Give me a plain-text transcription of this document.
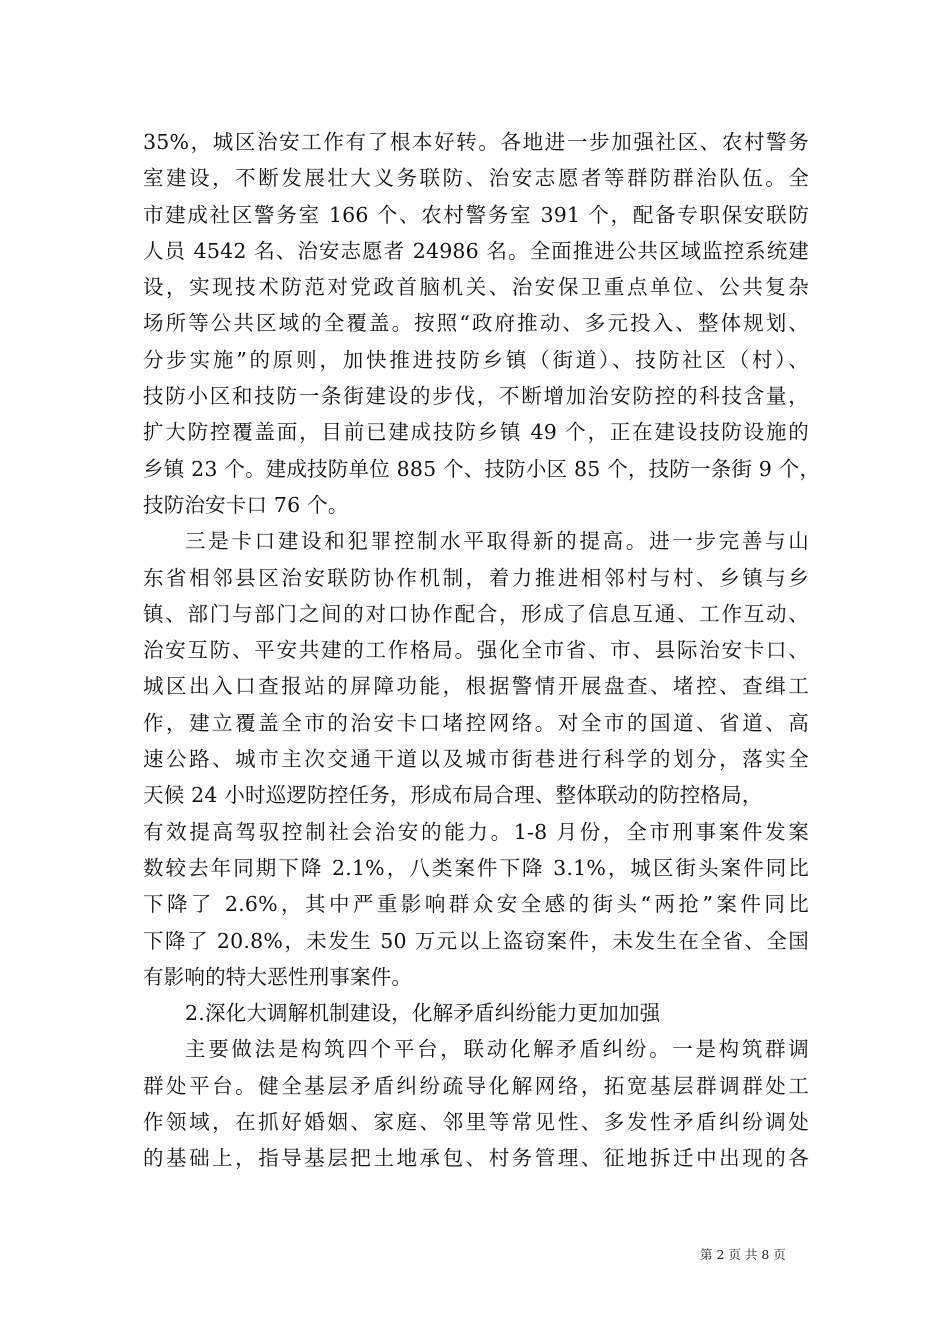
35%，城区治安工作有了根本好转。各地进一步加强社区、农村警务
室建设，不断发展壮大义务联防、治安志愿者等群防群治队伍。全
市建成社区警务室 166 个、农村警务室 391 个，配备专职保安联防
人员 4542 名、治安志愿者 24986 名。全面推进公共区域监控系统建
设，实现技术防范对党政首脑机关、治安保卫重点单位、公共复杂
场所等公共区域的全覆盖。按照“政府推动、多元投入、整体规划、
分步实施”的原则，加快推进技防乡镇（街道）、技防社区（村）、
技防小区和技防一条街建设的步伐，不断增加治安防控的科技含量，
扩大防控覆盖面，目前已建成技防乡镇 49 个，正在建设技防设施的
乡镇 23 个。建成技防单位 885 个、技防小区 85 个，技防一条街 9 个，
技防治安卡口 76 个。
三是卡口建设和犯罪控制水平取得新的提高。进一步完善与山
东省相邻县区治安联防协作机制，着力推进相邻村与村、乡镇与乡
镇、部门与部门之间的对口协作配合，形成了信息互通、工作互动、
治安互防、平安共建的工作格局。强化全市省、市、县际治安卡口、
城区出入口查报站的屏障功能，根据警情开展盘查、堵控、查缉工
作，建立覆盖全市的治安卡口堵控网络。对全市的国道、省道、高
速公路、城市主次交通干道以及城市街巷进行科学的划分，落实全
天候 24 小时巡逻防控任务，形成布局合理、整体联动的防控格局，
有效提高驾驭控制社会治安的能力。1-8 月份，全市刑事案件发案
数较去年同期下降 2.1%，八类案件下降 3.1%，城区街头案件同比
下降了 2.6%，其中严重影响群众安全感的街头“两抢”案件同比
下降了 20.8%，未发生 50 万元以上盗窃案件，未发生在全省、全国
有影响的特大恶性刑事案件。
2.深化大调解机制建设，化解矛盾纠纷能力更加加强
主要做法是构筑四个平台，联动化解矛盾纠纷。一是构筑群调
群处平台。健全基层矛盾纠纷疏导化解网络，拓宽基层群调群处工
作领域，在抓好婚姻、家庭、邻里等常见性、多发性矛盾纠纷调处
的基础上，指导基层把土地承包、村务管理、征地拆迁中出现的各
第 2 页 共 8 页
